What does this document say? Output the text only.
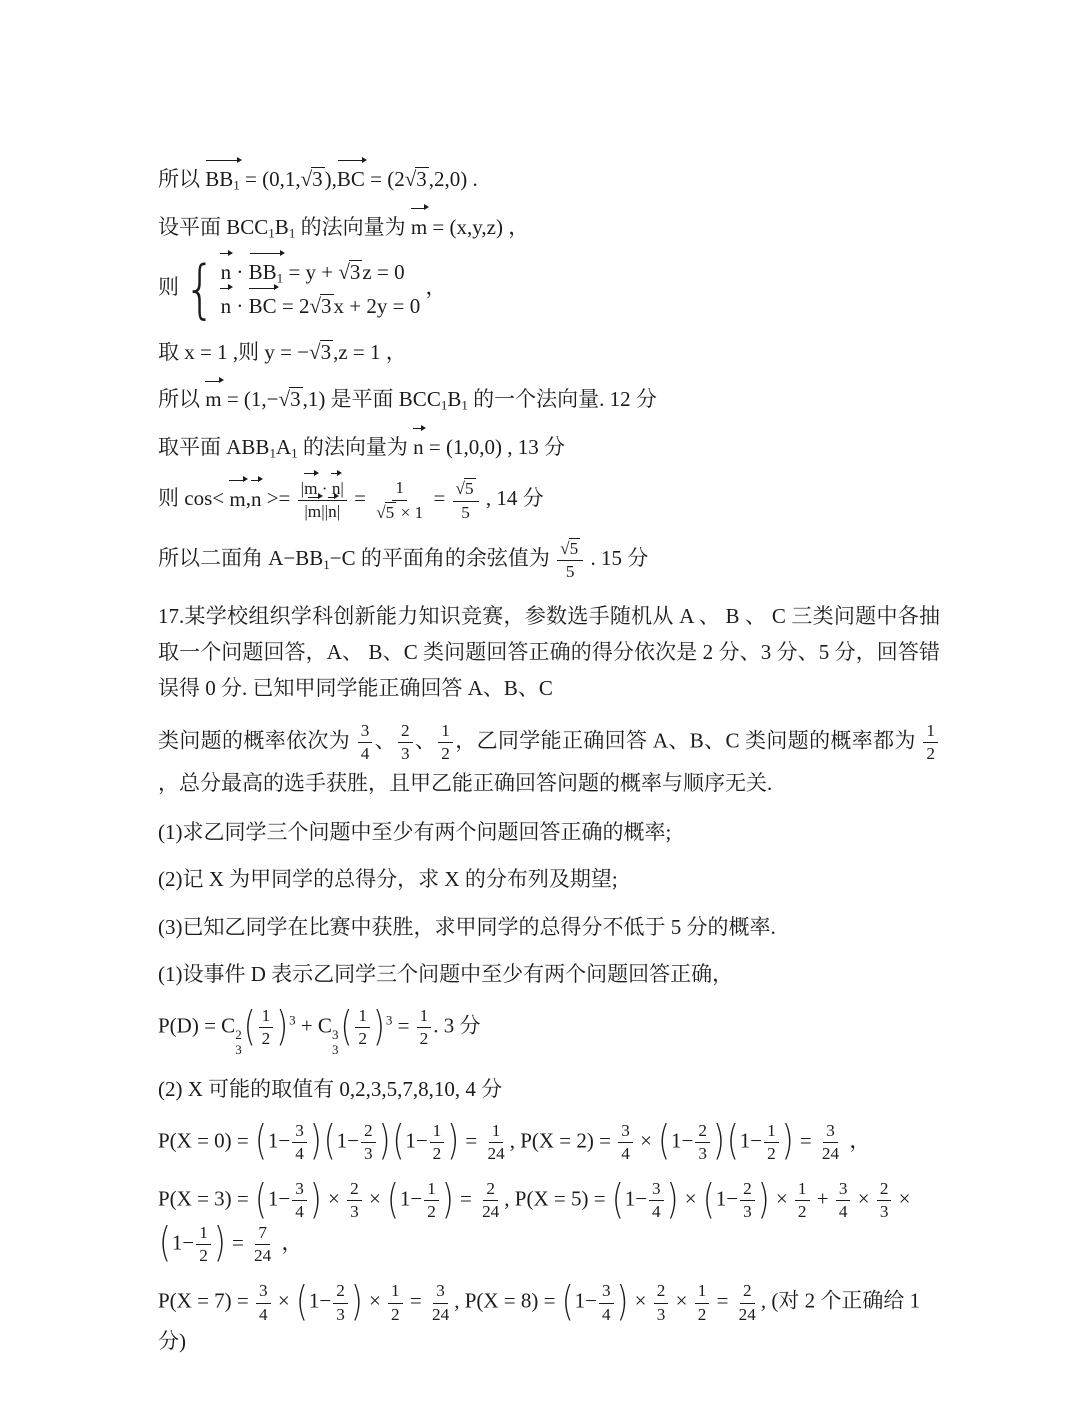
所以
$BB_1 = (0,1,√3)$,
BC = (2√3,2,0) .
设平面 $BCC_1B_1$ 的法向量为
m = (x,y,z) ，
则 { n ·
$BB_1 = y + √3z = 0$
n ·
BC = 2√3x + 2y = 0
，
取 x = 1 ,则 y = −√3,z = 1 ，
所以
m = (1,−√3,1) 是平面 $BCC_1B_1$ 的一个法向量. 12 分
取平面 $ABB_1A_1$ 的法向量为
n = (1,0,0) , 13 分
则 cos<
m,
n >= |
m ·
n|
|
m||
$n| = \frac{1}{√5 \times 1} = \frac{√5}{5}$ , 14 分
所以二面角 $A-BB_1-C$ 的平面角的余弦值为 $\frac{√5}{5}$ . 15 分
17.某学校组织学科创新能力知识竞赛，参数选手随机从 A 、 B 、 C 三类问题中各抽取一个问题回答，A、 B、C 类问题回答正确的得分依次是 2 分、3 分、5 分，回答错误得 0 分. 已知甲同学能正确回答 A、B、C
类问题的概率依次为 $\frac{3}{4}$ 、 $\frac{2}{3}$ 、 $\frac{1}{2}$ ，乙同学能正确回答 A、B、C 类问题的概率都为 $\frac{1}{2}$
，总分最高的选手获胜，且甲乙能正确回答问题的概率与顺序无关.
(1)求乙同学三个问题中至少有两个问题回答正确的概率;
(2)记 X 为甲同学的总得分，求 X 的分布列及期望;
(3)已知乙同学在比赛中获胜，求甲同学的总得分不低于 5 分的概率.
(1)设事件 D 表示乙同学三个问题中至少有两个问题回答正确，
P(D) = C 2
3 ( $\frac{1}{2}$ ) $^3$ + C 3
3 ( $\frac{1}{2}$ ) $^3 = \frac{1}{2}$ . 3 分
(2) X 可能的取值有 0,2,3,5,7,8,10, 4 分
P(X = 0) = ( $1- \frac{3}{4}$ ) ( $1- \frac{2}{3}$ ) ( $1- \frac{1}{2}$ ) = $\frac{1}{24}$ , $P(X = 2) = \frac{3}{4}$ × ( $1- \frac{2}{3}$ ) ( $1- \frac{1}{2}$ ) = $\frac{3}{24}$ ，
P(X = 3) = ( $1- \frac{3}{4}$ ) × $\frac{2}{3}$ × ( $1- \frac{1}{2}$ ) = $\frac{2}{24}$ , P(X = 5) = ( $1- \frac{3}{4}$ ) × ( $1- \frac{2}{3}$ ) × $\frac{1}{2} + \frac{3}{4} \times \frac{2}{3}$ ×
( $1- \frac{1}{2}$ ) = $\frac{7}{24}$ ，
$P(X = 7) = \frac{3}{4}$ × ( $1- \frac{2}{3}$ ) × $\frac{1}{2} = \frac{3}{24}$ , P(X = 8) = ( $1- \frac{3}{4}$ ) × $\frac{2}{3} \times \frac{1}{2} = \frac{2}{24}$ , (对 2 个正确给 1 分)
